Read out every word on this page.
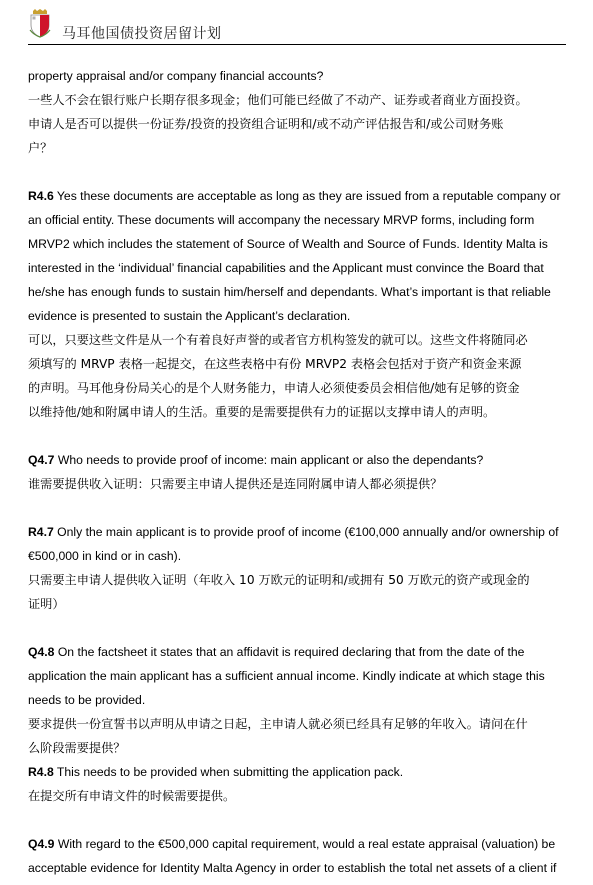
马耳他国债投资居留计划
property appraisal and/or company financial accounts?
一些人不会在银行账户长期存很多现金；他们可能已经做了不动产、证券或者商业方面投资。
申请人是否可以提供一份证券/投资的投资组合证明和/或不动产评估报告和/或公司财务账
户？
R4.6 Yes these documents are acceptable as long as they are issued from a reputable company or
an official entity. These documents will accompany the necessary MRVP forms, including form
MRVP2 which includes the statement of Source of Wealth and Source of Funds. Identity Malta is
interested in the ‘individual’ financial capabilities and the Applicant must convince the Board that
he/she has enough funds to sustain him/herself and dependants. What’s important is that reliable
evidence is presented to sustain the Applicant’s declaration.
可以，只要这些文件是从一个有着良好声誉的或者官方机构签发的就可以。这些文件将随同必
须填写的 MRVP 表格一起提交，在这些表格中有份 MRVP2 表格会包括对于资产和资金来源
的声明。马耳他身份局关心的是个人财务能力，申请人必须使委员会相信他/她有足够的资金
以维持他/她和附属申请人的生活。重要的是需要提供有力的证据以支撑申请人的声明。
Q4.7 Who needs to provide proof of income: main applicant or also the dependants?
谁需要提供收入证明：只需要主申请人提供还是连同附属申请人都必须提供？
R4.7 Only the main applicant is to provide proof of income (€100,000 annually and/or ownership of
€500,000 in kind or in cash).
只需要主申请人提供收入证明（年收入 10 万欧元的证明和/或拥有 50 万欧元的资产或现金的
证明）
Q4.8 On the factsheet it states that an affidavit is required declaring that from the date of the
application the main applicant has a sufficient annual income. Kindly indicate at which stage this
needs to be provided.
要求提供一份宣誓书以声明从申请之日起，主申请人就必须已经具有足够的年收入。请问在什
么阶段需要提供？
R4.8 This needs to be provided when submitting the application pack.
在提交所有申请文件的时候需要提供。
Q4.9 With regard to the €500,000 capital requirement, would a real estate appraisal (valuation) be
acceptable evidence for Identity Malta Agency in order to establish the total net assets of a client if
